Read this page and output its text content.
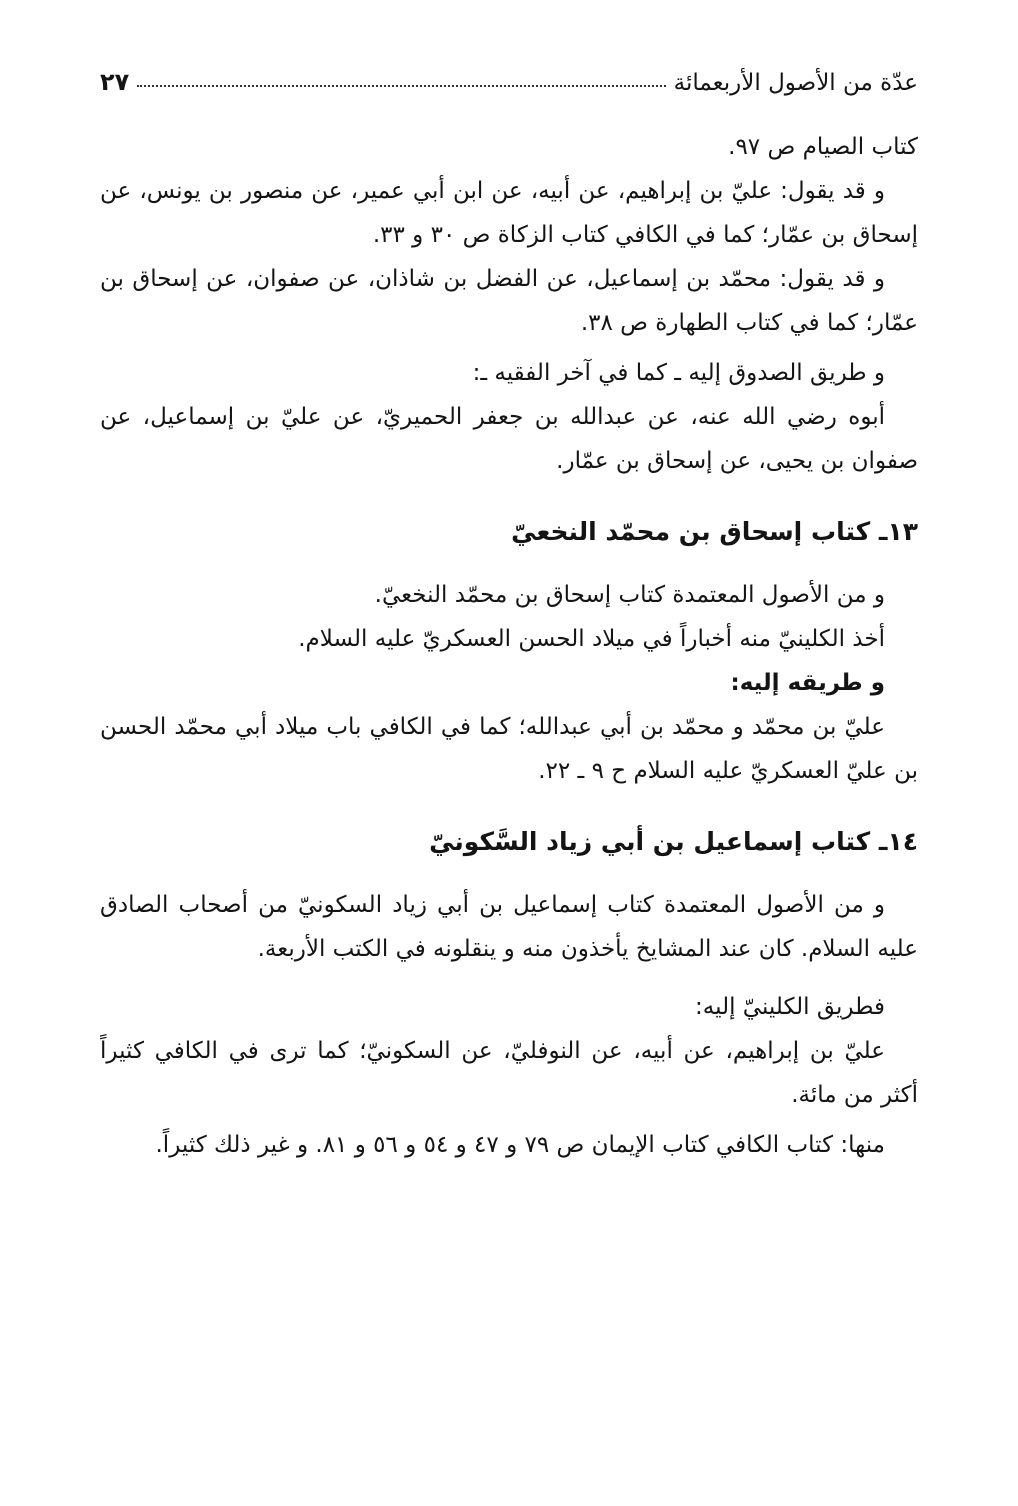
عدّة من الأصول الأربعمائة
٢٧

كتاب الصيام ص ٩٧.

و قد يقول: عليّ بن إبراهيم، عن أبيه، عن ابن أبي عمير، عن منصور بن يونس، عن إسحاق بن عمّار؛ كما في الكافي كتاب الزكاة ص ٣٠ و ٣٣.

و قد يقول: محمّد بن إسماعيل، عن الفضل بن شاذان، عن صفوان، عن إسحاق بن عمّار؛ كما في كتاب الطهارة ص ٣٨.

و طريق الصدوق إليه ـ كما في آخر الفقيه ـ:

أبوه رضي الله عنه، عن عبدالله بن جعفر الحميريّ، عن عليّ بن إسماعيل، عن صفوان بن يحيى، عن إسحاق بن عمّار.

١٣ـ كتاب إسحاق بن محمّد النخعيّ

و من الأصول المعتمدة كتاب إسحاق بن محمّد النخعيّ.

أخذ الكلينيّ منه أخباراً في ميلاد الحسن العسكريّ عليه السلام.

و طريقه إليه:

عليّ بن محمّد و محمّد بن أبي عبدالله؛ كما في الكافي باب ميلاد أبي محمّد الحسن بن عليّ العسكريّ عليه السلام ح ٩ ـ ٢٢.

١٤ـ كتاب إسماعيل بن أبي زياد السَّكونيّ

و من الأصول المعتمدة كتاب إسماعيل بن أبي زياد السكونيّ من أصحاب الصادق عليه السلام. كان عند المشايخ يأخذون منه و ينقلونه في الكتب الأربعة.

فطريق الكلينيّ إليه:

عليّ بن إبراهيم، عن أبيه، عن النوفليّ، عن السكونيّ؛ كما ترى في الكافي كثيراً أكثر من مائة.

منها: كتاب الكافي كتاب الإيمان ص ٧٩ و ٤٧ و ٥٤ و ٥٦ و ٨١. و غير ذلك كثيراً.
